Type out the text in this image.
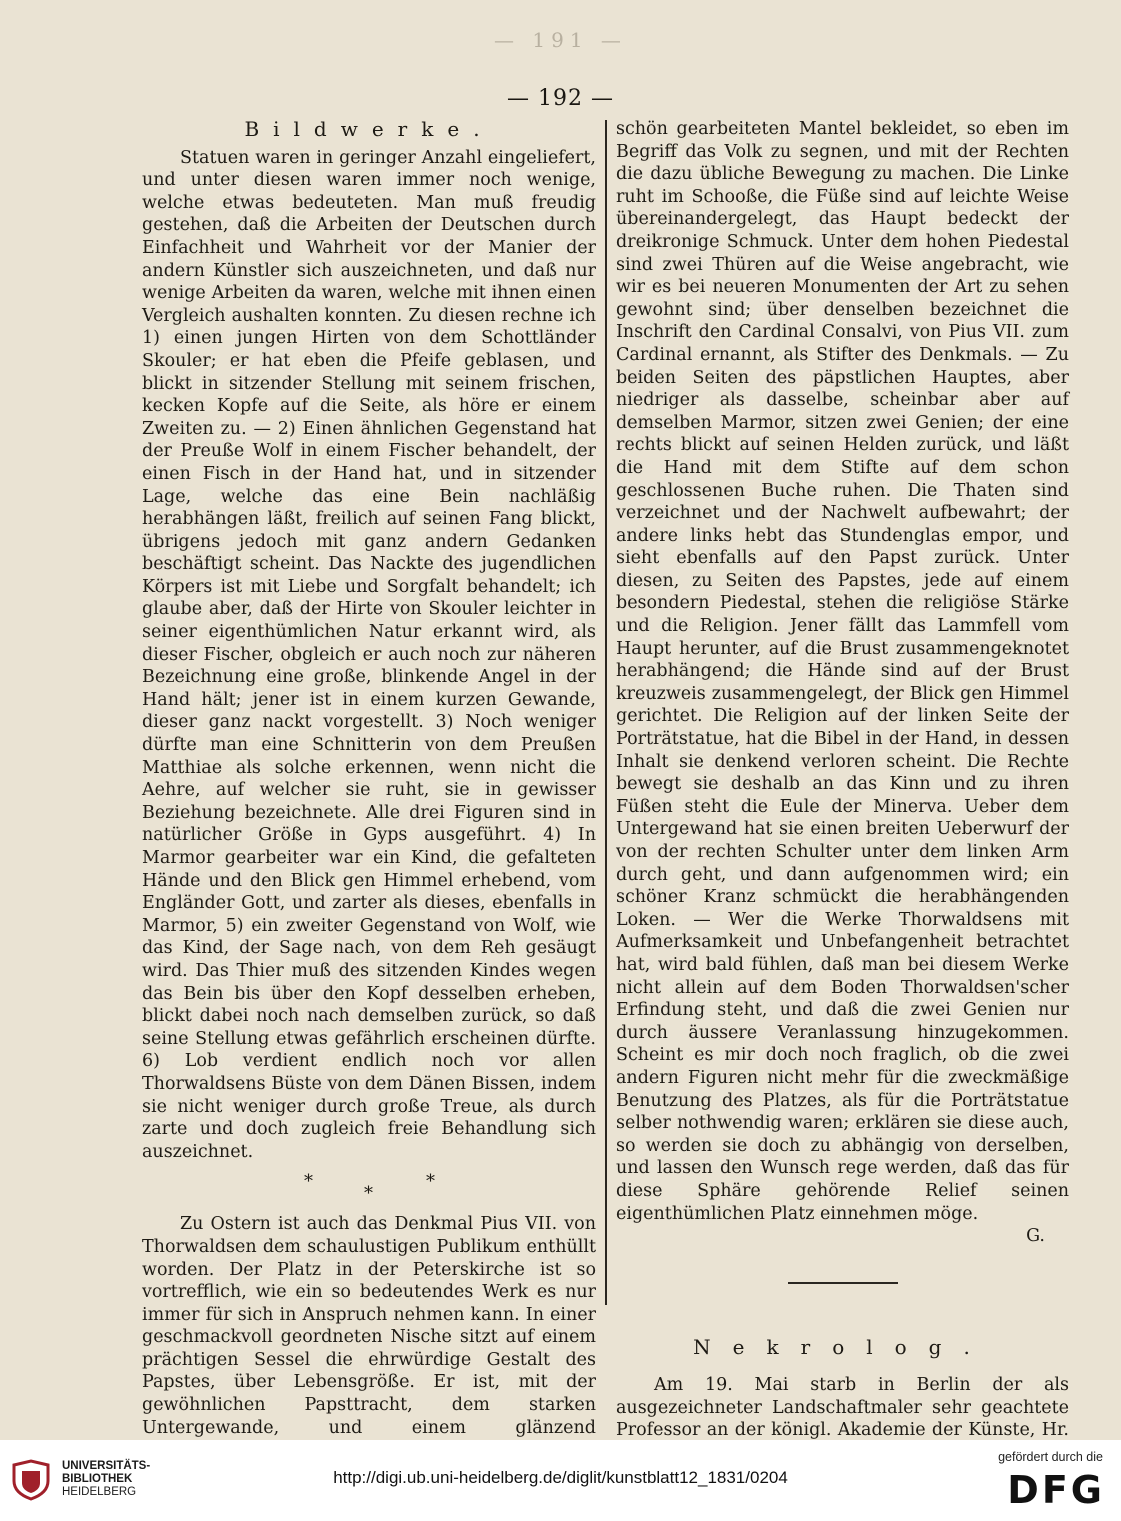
— 191 —
— 192 —
Bildwerke.

Statuen waren in geringer Anzahl eingeliefert, und unter diesen waren immer noch wenige, welche etwas bedeuteten. Man muß freudig gestehen, daß die Arbeiten der Deutschen durch Einfachheit und Wahrheit vor der Manier der andern Künstler sich auszeichneten, und daß nur wenige Arbeiten da waren, welche mit ihnen einen Vergleich aushalten konnten. Zu diesen rechne ich 1) einen jungen Hirten von dem Schottländer Skouler; er hat eben die Pfeife geblasen, und blickt in sitzender Stellung mit seinem frischen, kecken Kopfe auf die Seite, als höre er einem Zweiten zu. — 2) Einen ähnlichen Gegenstand hat der Preuße Wolf in einem Fischer behandelt, der einen Fisch in der Hand hat, und in sitzender Lage, welche das eine Bein nachläßig herabhängen läßt, freilich auf seinen Fang blickt, übrigens jedoch mit ganz andern Gedanken beschäftigt scheint. Das Nackte des jugendlichen Körpers ist mit Liebe und Sorgfalt behandelt; ich glaube aber, daß der Hirte von Skouler leichter in seiner eigenthümlichen Natur erkannt wird, als dieser Fischer, obgleich er auch noch zur näheren Bezeichnung eine große, blinkende Angel in der Hand hält; jener ist in einem kurzen Gewande, dieser ganz nackt vorgestellt. 3) Noch weniger dürfte man eine Schnitterin von dem Preußen Matthiae als solche erkennen, wenn nicht die Aehre, auf welcher sie ruht, sie in gewisser Beziehung bezeichnete. Alle drei Figuren sind in natürlicher Größe in Gyps ausgeführt. 4) In Marmor gearbeiter war ein Kind, die gefalteten Hände und den Blick gen Himmel erhebend, vom Engländer Gott, und zarter als dieses, ebenfalls in Marmor, 5) ein zweiter Gegenstand von Wolf, wie das Kind, der Sage nach, von dem Reh gesäugt wird. Das Thier muß des sitzenden Kindes wegen das Bein bis über den Kopf desselben erheben, blickt dabei noch nach demselben zurück, so daß seine Stellung etwas gefährlich erscheinen dürfte. 6) Lob verdient endlich noch vor allen Thorwaldsens Büste von dem Dänen Bissen, indem sie nicht weniger durch große Treue, als durch zarte und doch zugleich freie Behandlung sich auszeichnet.

*
*
*

Zu Ostern ist auch das Denkmal Pius VII. von Thorwaldsen dem schaulustigen Publikum enthüllt worden. Der Platz in der Peterskirche ist so vortrefflich, wie ein so bedeutendes Werk es nur immer für sich in Anspruch nehmen kann. In einer geschmackvoll geordneten Nische sitzt auf einem prächtigen Sessel die ehrwürdige Gestalt des Papstes, über Lebensgröße. Er ist, mit der gewöhnlichen Papsttracht, dem starken Untergewande, und einem glänzend

schön gearbeiteten Mantel bekleidet, so eben im Begriff das Volk zu segnen, und mit der Rechten die dazu übliche Bewegung zu machen. Die Linke ruht im Schooße, die Füße sind auf leichte Weise übereinandergelegt, das Haupt bedeckt der dreikronige Schmuck. Unter dem hohen Piedestal sind zwei Thüren auf die Weise angebracht, wie wir es bei neueren Monumenten der Art zu sehen gewohnt sind; über denselben bezeichnet die Inschrift den Cardinal Consalvi, von Pius VII. zum Cardinal ernannt, als Stifter des Denkmals. — Zu beiden Seiten des päpstlichen Hauptes, aber niedriger als dasselbe, scheinbar aber auf demselben Marmor, sitzen zwei Genien; der eine rechts blickt auf seinen Helden zurück, und läßt die Hand mit dem Stifte auf dem schon geschlossenen Buche ruhen. Die Thaten sind verzeichnet und der Nachwelt aufbewahrt; der andere links hebt das Stundenglas empor, und sieht ebenfalls auf den Papst zurück. Unter diesen, zu Seiten des Papstes, jede auf einem besondern Piedestal, stehen die religiöse Stärke und die Religion. Jener fällt das Lammfell vom Haupt herunter, auf die Brust zusammengeknotet herabhängend; die Hände sind auf der Brust kreuzweis zusammengelegt, der Blick gen Himmel gerichtet. Die Religion auf der linken Seite der Porträtstatue, hat die Bibel in der Hand, in dessen Inhalt sie denkend verloren scheint. Die Rechte bewegt sie deshalb an das Kinn und zu ihren Füßen steht die Eule der Minerva. Ueber dem Untergewand hat sie einen breiten Ueberwurf der von der rechten Schulter unter dem linken Arm durch geht, und dann aufgenommen wird; ein schöner Kranz schmückt die herabhängenden Loken. — Wer die Werke Thorwaldsens mit Aufmerksamkeit und Unbefangenheit betrachtet hat, wird bald fühlen, daß man bei diesem Werke nicht allein auf dem Boden Thorwaldsen'scher Erfindung steht, und daß die zwei Genien nur durch äussere Veranlassung hinzugekommen. Scheint es mir doch noch fraglich, ob die zwei andern Figuren nicht mehr für die zweckmäßige Benutzung des Platzes, als für die Porträtstatue selber nothwendig waren; erklären sie diese auch, so werden sie doch zu abhängig von derselben, und lassen den Wunsch rege werden, daß das für diese Sphäre gehörende Relief seinen eigenthümlichen Platz einnehmen möge.

G.

Nekrolog.

Am 19. Mai starb in Berlin der als ausgezeichneter Landschaftmaler sehr geachtete Professor an der königl. Akademie der Künste, Hr.

UNIVERSITÄTS-
BIBLIOTHEK
HEIDELBERG
http://digi.ub.uni-heidelberg.de/diglit/kunstblatt12_1831/0204
gefördert durch die
DFG
